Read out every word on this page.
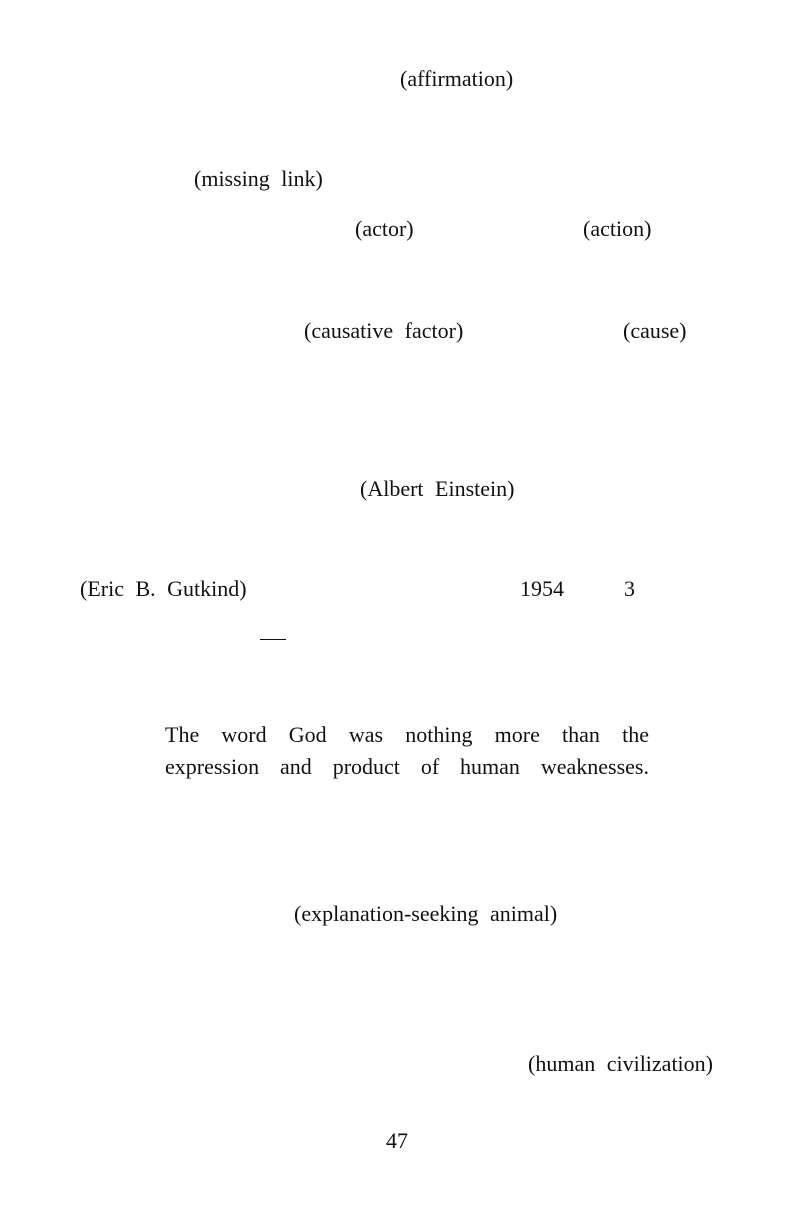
(affirmation)
(missing link)
(actor)	(action)
(causative factor)	(cause)
(Albert Einstein)
(Eric B. Gutkind)	1954	3
The word God was nothing more than the
expression and product of human weaknesses.
(explanation-seeking animal)
(human civilization)
47
